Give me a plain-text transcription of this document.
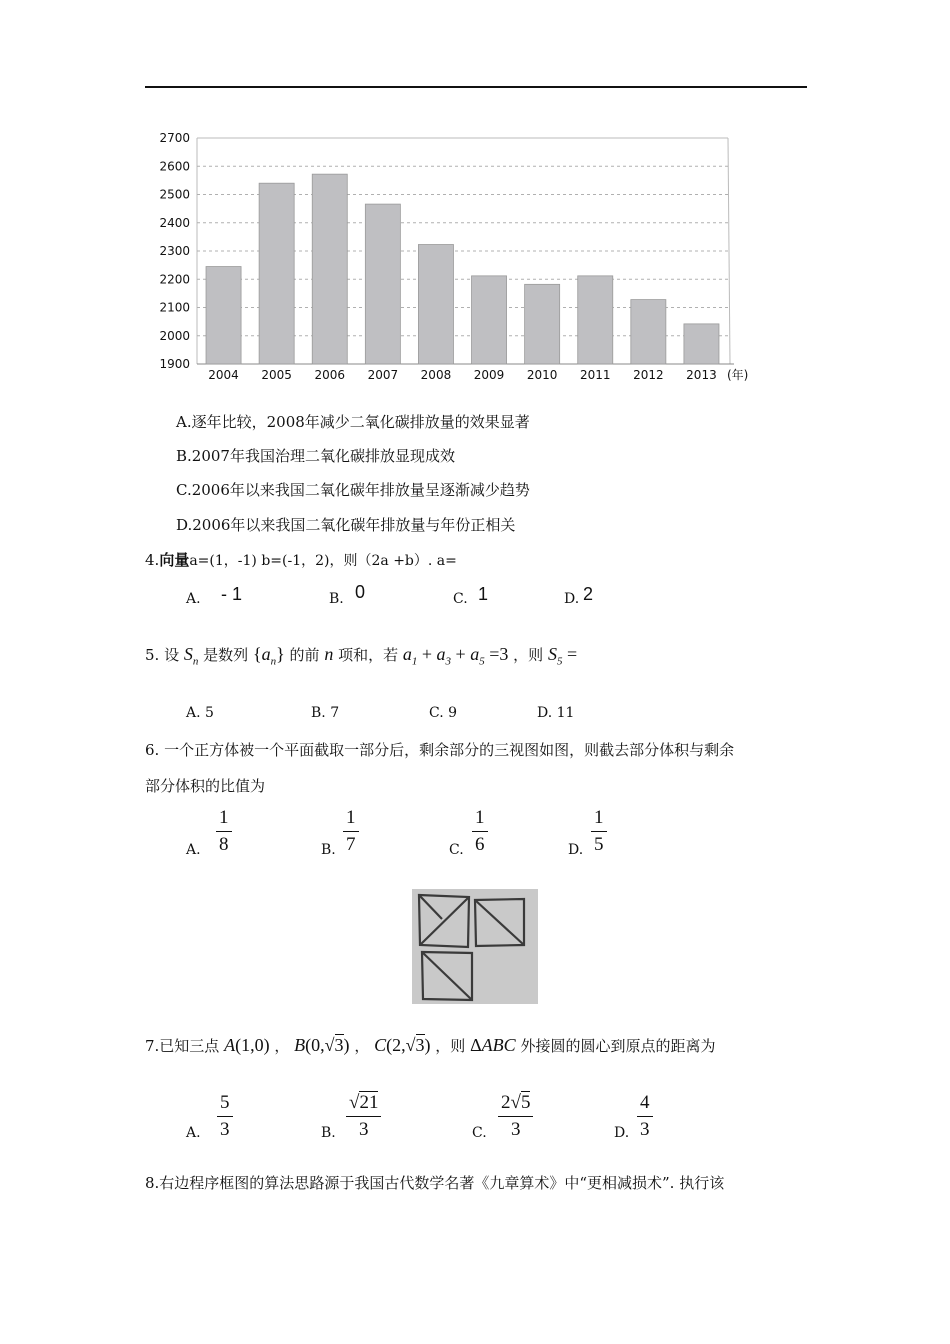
2700
2600
2500
2400
2300
2200
2100
2000
1900
2004 2005 2006 2007 2008 2009 2010 2011 2012 2013 (年)
A.逐年比较，2008年减少二氧化碳排放量的效果显著
B.2007年我国治理二氧化碳排放显现成效
C.2006年以来我国二氧化碳年排放量呈逐渐减少趋势
D.2006年以来我国二氧化碳年排放量与年份正相关
4.向量a=(1，-1) b=(-1，2)，则（2a +b）. a=
A. - 1	B. 0	C. 1	D. 2
5. 设 $S_n$ 是数列 $\{a_n\}$ 的前 n 项和，若 $a_1 + a_3 + a_5 =3$ ，则 $S_5$ =
A. 5	B. 7	C. 9	D. 11
6. 一个正方体被一个平面截取一部分后，剩余部分的三视图如图，则截去部分体积与剩余
部分体积的比值为
A. $\frac{1}{8}$	B. $\frac{1}{7}$	C. $\frac{1}{6}$	D. $\frac{1}{5}$
7.已知三点 A(1,0) ， B(0,√3) ， C(2,√3) ，则 ΔABC 外接圆的圆心到原点的距离为
A. $\frac{5}{3}$	B. $\frac{√21}{3}$	C. $\frac{2√5}{3}$	D. $\frac{4}{3}$
8.右边程序框图的算法思路源于我国古代数学名著《九章算术》中“更相减损术”. 执行该
